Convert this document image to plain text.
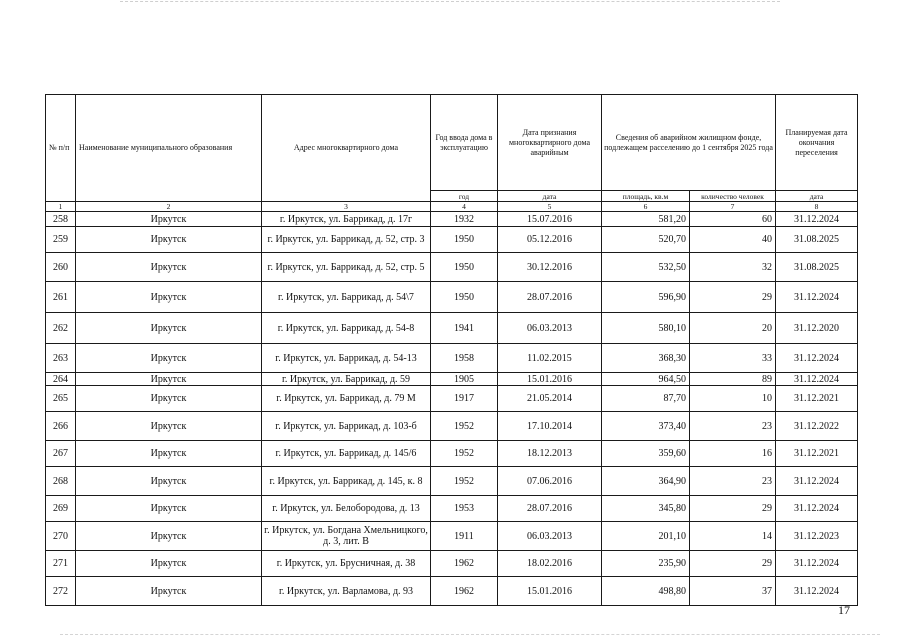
№ п/п	Наименование муниципального образования	Адрес многоквартирного дома	Год ввода дома в эксплуатацию	Дата признания многоквартирного дома аварийным	Сведения об аварийном жилищном фонде, подлежащем расселению до 1 сентября 2025 года		Планируемая дата окончания переселения
			год	дата	площадь, кв.м	количество человек	дата
1	2	3	4	5	6	7	8
258	Иркутск	г. Иркутск, ул. Баррикад, д. 17г	1932	15.07.2016	581,20	60	31.12.2024
259	Иркутск	г. Иркутск, ул. Баррикад, д. 52, стр. 3	1950	05.12.2016	520,70	40	31.08.2025
260	Иркутск	г. Иркутск, ул. Баррикад, д. 52, стр. 5	1950	30.12.2016	532,50	32	31.08.2025
261	Иркутск	г. Иркутск, ул. Баррикад, д. 54\7	1950	28.07.2016	596,90	29	31.12.2024
262	Иркутск	г. Иркутск, ул. Баррикад, д. 54-8	1941	06.03.2013	580,10	20	31.12.2020
263	Иркутск	г. Иркутск, ул. Баррикад, д. 54-13	1958	11.02.2015	368,30	33	31.12.2024
264	Иркутск	г. Иркутск, ул. Баррикад, д. 59	1905	15.01.2016	964,50	89	31.12.2024
265	Иркутск	г. Иркутск, ул. Баррикад, д. 79 М	1917	21.05.2014	87,70	10	31.12.2021
266	Иркутск	г. Иркутск, ул. Баррикад, д. 103-б	1952	17.10.2014	373,40	23	31.12.2022
267	Иркутск	г. Иркутск, ул. Баррикад, д. 145/6	1952	18.12.2013	359,60	16	31.12.2021
268	Иркутск	г. Иркутск, ул. Баррикад, д. 145, к. 8	1952	07.06.2016	364,90	23	31.12.2024
269	Иркутск	г. Иркутск, ул. Белобородова, д. 13	1953	28.07.2016	345,80	29	31.12.2024
270	Иркутск	г. Иркутск, ул. Богдана Хмельницкого, д. 3, лит. В	1911	06.03.2013	201,10	14	31.12.2023
271	Иркутск	г. Иркутск, ул. Брусничная, д. 38	1962	18.02.2016	235,90	29	31.12.2024
272	Иркутск	г. Иркутск, ул. Варламова, д. 93	1962	15.01.2016	498,80	37	31.12.2024
17
